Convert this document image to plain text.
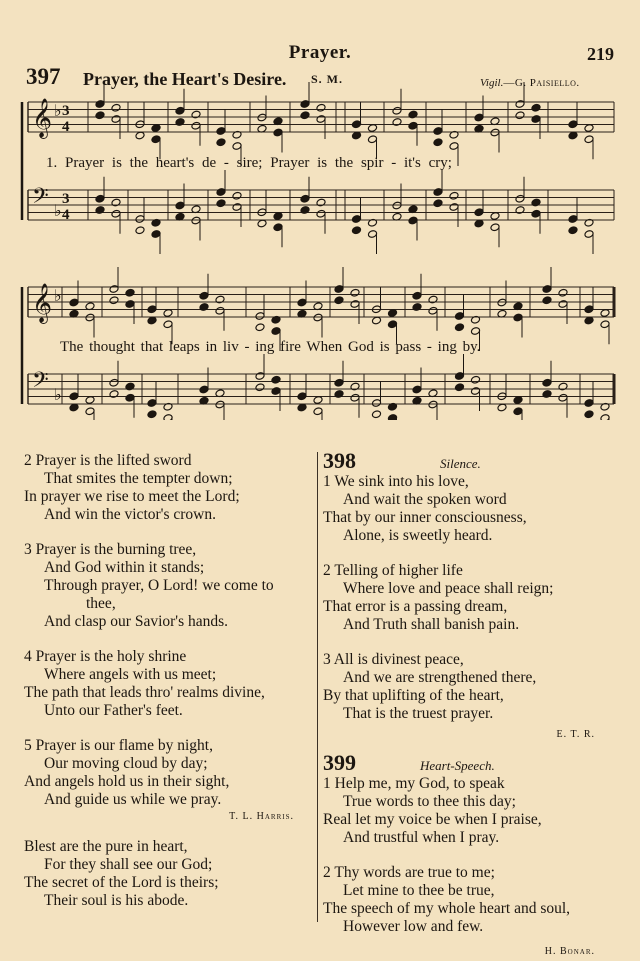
Prayer.	219
397 Prayer, the Heart's Desire. S. M.	Vigil.—G. Paisiello.
𝄞 ♭ 3
4
𝄢 ♭
3
4
𝄞 ♭
𝄢 ♭
1. Prayer is the heart's de - sire; Prayer is the spir - it's cry;
The thought that leaps in liv - ing fire When God is pass - ing by.
2 Prayer is the lifted sword
That smites the tempter down;
In prayer we rise to meet the Lord;
And win the victor's crown.
3 Prayer is the burning tree,
And God within it stands;
Through prayer, O Lord! we come to
thee,
And clasp our Savior's hands.
4 Prayer is the holy shrine
Where angels with us meet;
The path that leads thro' realms divine,
Unto our Father's feet.
5 Prayer is our flame by night,
Our moving cloud by day;
And angels hold us in their sight,
And guide us while we pray.
T. L. Harris.
Blest are the pure in heart,
For they shall see our God;
The secret of the Lord is theirs;
Their soul is his abode.
398	Silence.
1 We sink into his love,
And wait the spoken word
That by our inner consciousness,
Alone, is sweetly heard.
2 Telling of higher life
Where love and peace shall reign;
That error is a passing dream,
And Truth shall banish pain.
3 All is divinest peace,
And we are strengthened there,
By that uplifting of the heart,
That is the truest prayer.
E. T. R.
399	Heart-Speech.
1 Help me, my God, to speak
True words to thee this day;
Real let my voice be when I praise,
And trustful when I pray.
2 Thy words are true to me;
Let mine to thee be true,
The speech of my whole heart and soul,
However low and few.
H. Bonar.
